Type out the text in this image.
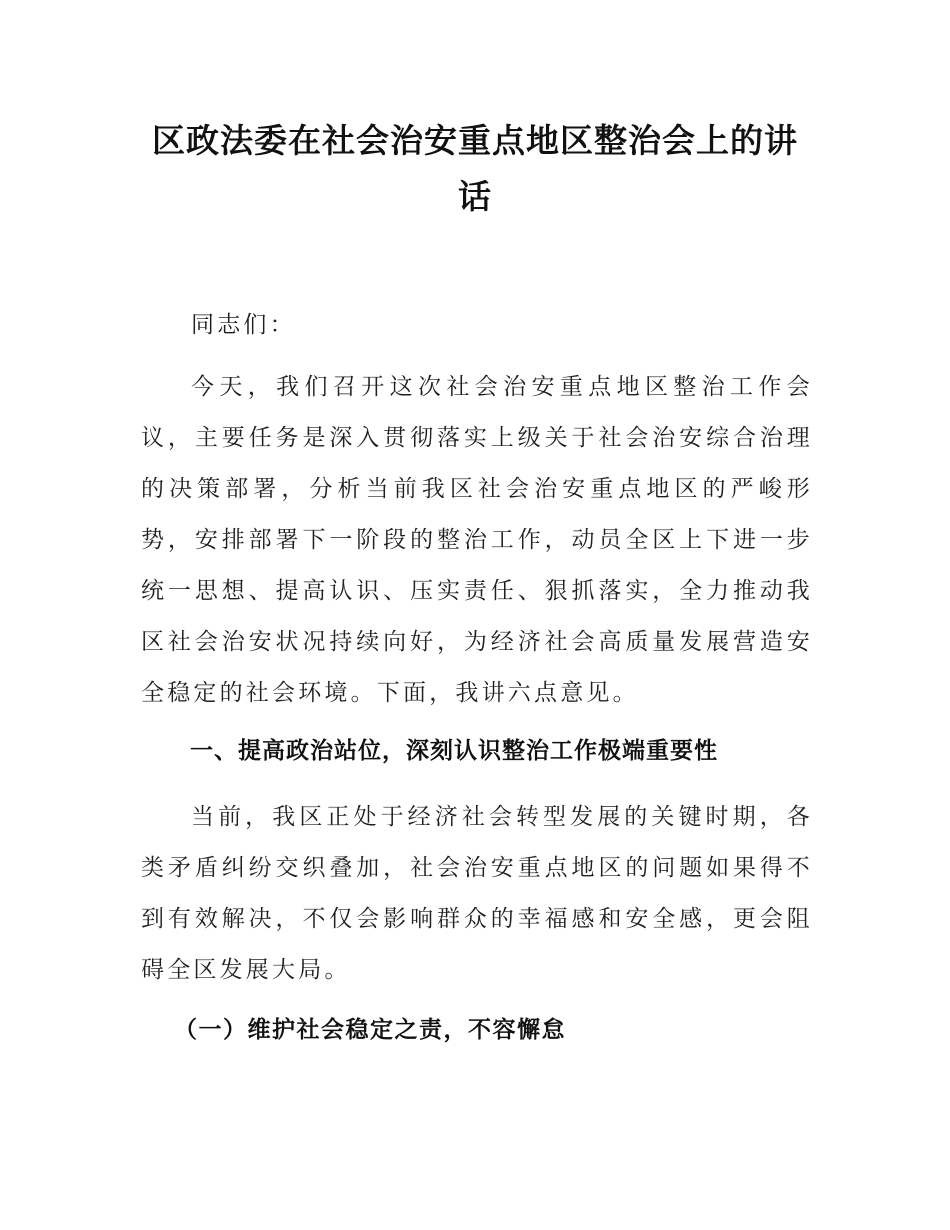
区政法委在社会治安重点地区整治会上的讲话

同志们：

今天，我们召开这次社会治安重点地区整治工作会议，主要任务是深入贯彻落实上级关于社会治安综合治理的决策部署，分析当前我区社会治安重点地区的严峻形势，安排部署下一阶段的整治工作，动员全区上下进一步统一思想、提高认识、压实责任、狠抓落实，全力推动我区社会治安状况持续向好，为经济社会高质量发展营造安全稳定的社会环境。下面，我讲六点意见。

一、提高政治站位，深刻认识整治工作极端重要性

当前，我区正处于经济社会转型发展的关键时期，各类矛盾纠纷交织叠加，社会治安重点地区的问题如果得不到有效解决，不仅会影响群众的幸福感和安全感，更会阻碍全区发展大局。

（一）维护社会稳定之责，不容懈怠
